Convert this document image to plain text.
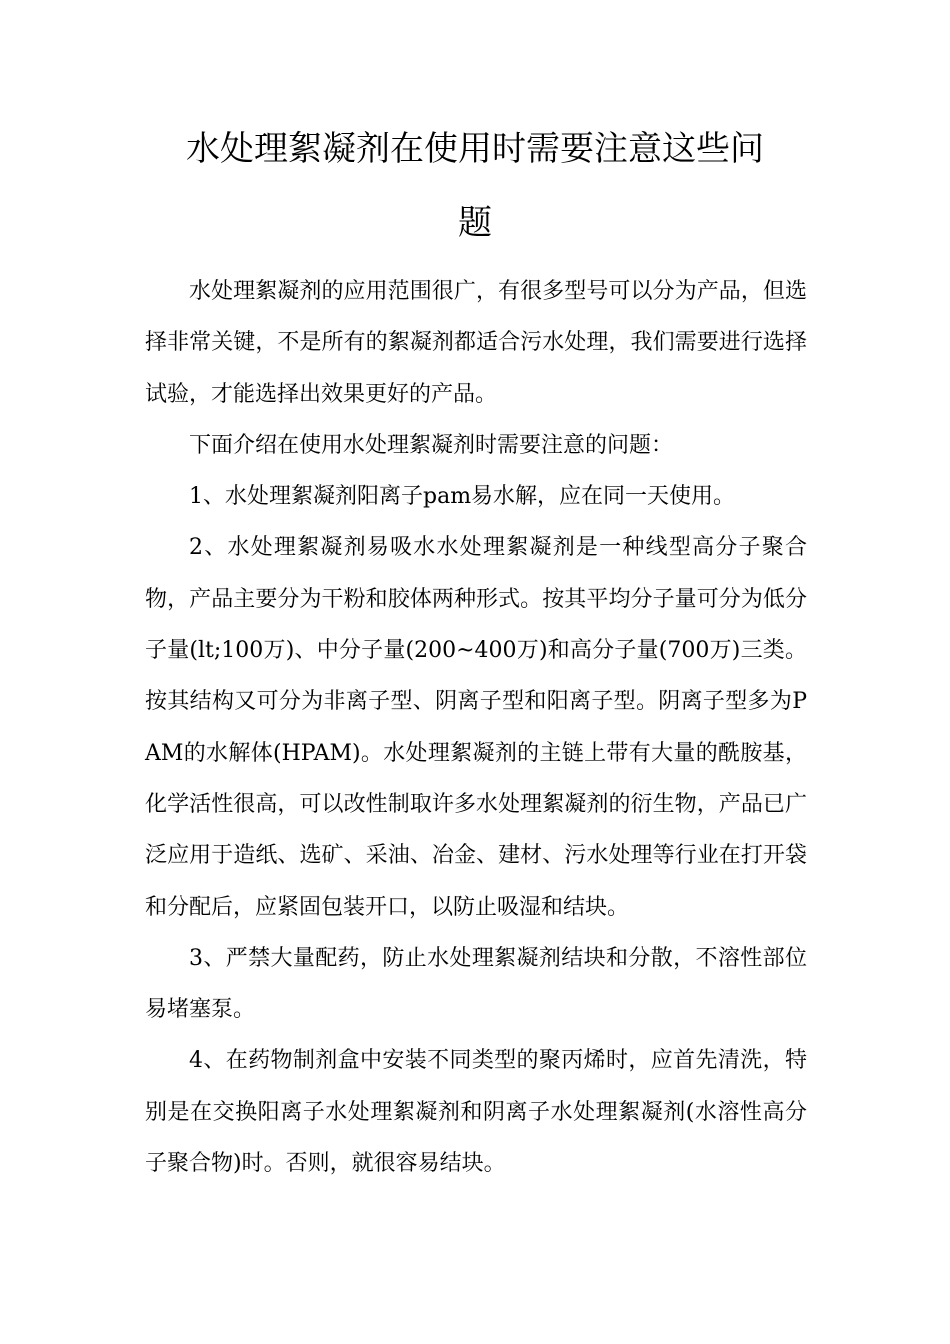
水处理絮凝剂在使用时需要注意这些问题

水处理絮凝剂的应用范围很广，有很多型号可以分为产品，但选择非常关键，不是所有的絮凝剂都适合污水处理，我们需要进行选择试验，才能选择出效果更好的产品。

下面介绍在使用水处理絮凝剂时需要注意的问题：

1、水处理絮凝剂阳离子pam易水解，应在同一天使用。

2、水处理絮凝剂易吸水水处理絮凝剂是一种线型高分子聚合物，产品主要分为干粉和胶体两种形式。按其平均分子量可分为低分子量(lt;100万)、中分子量(200~400万)和高分子量(700万)三类。按其结构又可分为非离子型、阴离子型和阳离子型。阴离子型多为PAM的水解体(HPAM)。水处理絮凝剂的主链上带有大量的酰胺基，化学活性很高，可以改性制取许多水处理絮凝剂的衍生物，产品已广泛应用于造纸、选矿、采油、冶金、建材、污水处理等行业在打开袋和分配后，应紧固包装开口，以防止吸湿和结块。

3、严禁大量配药，防止水处理絮凝剂结块和分散，不溶性部位易堵塞泵。

4、在药物制剂盒中安装不同类型的聚丙烯时，应首先清洗，特别是在交换阳离子水处理絮凝剂和阴离子水处理絮凝剂(水溶性高分子聚合物)时。否则，就很容易结块。
